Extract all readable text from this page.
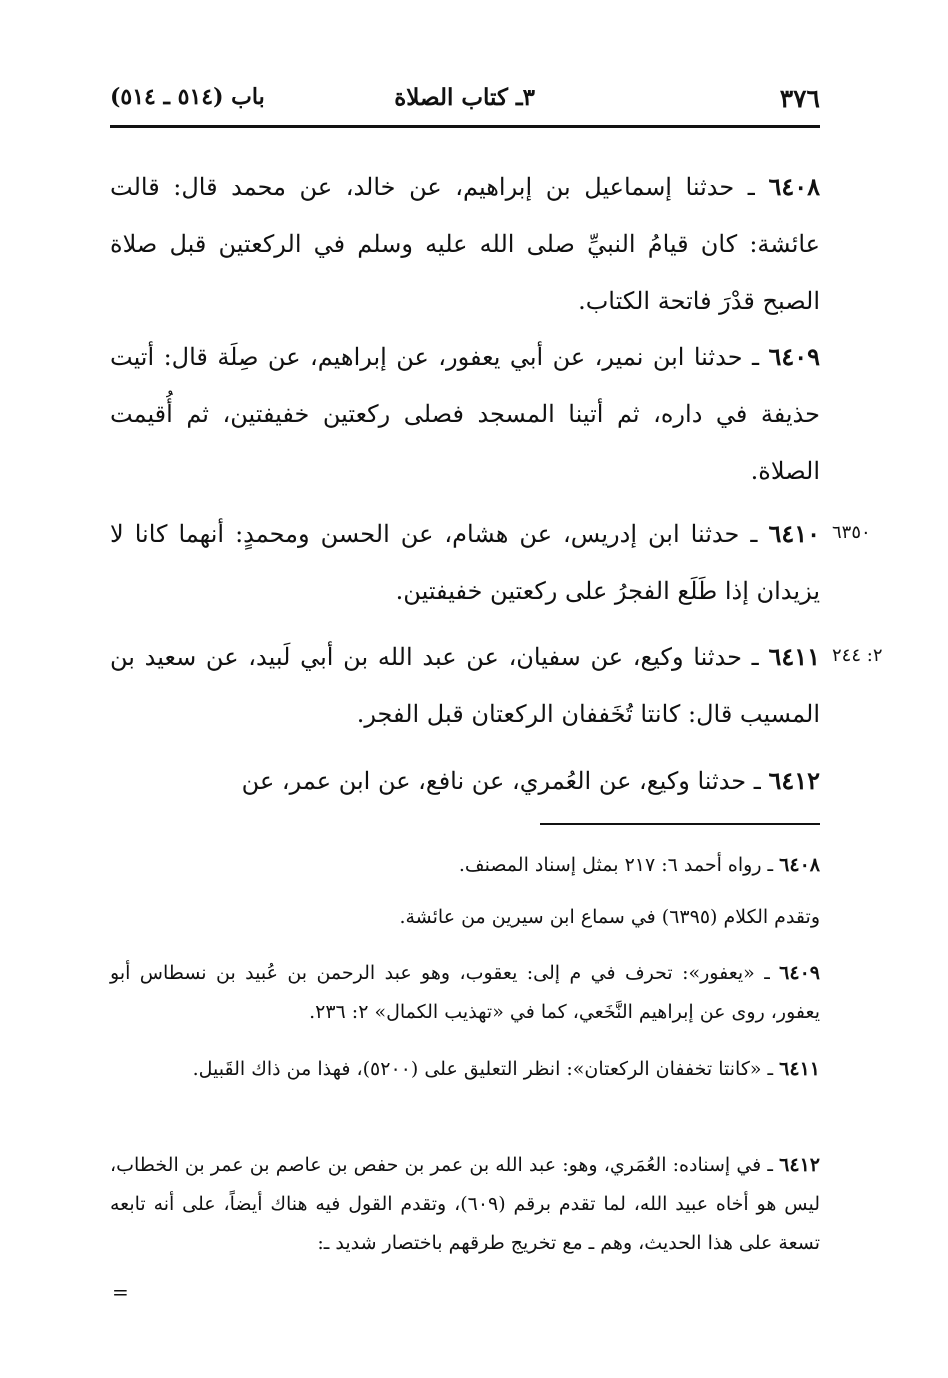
٣٧٦
٣ـ كتاب الصلاة
باب (٥١٤ ـ ٥١٤)
٦٤٠٨ ـ حدثنا إسماعيل بن إبراهيم، عن خالد، عن محمد قال: قالت عائشة: كان قيامُ النبيِّ صلى الله عليه وسلم في الركعتين قبل صلاة الصبح قدْرَ فاتحة الكتاب.
٦٤٠٩ ـ حدثنا ابن نمير، عن أبي يعفور، عن إبراهيم، عن صِلَة قال: أتيت حذيفة في داره، ثم أتينا المسجد فصلى ركعتين خفيفتين، ثم أُقيمت الصلاة.
٦٤١٠ ـ حدثنا ابن إدريس، عن هشام، عن الحسن ومحمدٍ: أنهما كانا لا يزيدان إذا طَلَع الفجرُ على ركعتين خفيفتين.
٦٣٥٠
٦٤١١ ـ حدثنا وكيع، عن سفيان، عن عبد الله بن أبي لَبيد، عن سعيد بن المسيب قال: كانتا تُخَففان الركعتان قبل الفجر.
٢: ٢٤٤
٦٤١٢ ـ حدثنا وكيع، عن العُمري، عن نافع، عن ابن عمر، عن
٦٤٠٨ ـ رواه أحمد ٦: ٢١٧ بمثل إسناد المصنف.
وتقدم الكلام (٦٣٩٥) في سماع ابن سيرين من عائشة.
٦٤٠٩ ـ «يعفور»: تحرف في م إلى: يعقوب، وهو عبد الرحمن بن عُبيد بن نسطاس أبو يعفور، روى عن إبراهيم النَّخَعي، كما في «تهذيب الكمال» ٢: ٢٣٦.
٦٤١١ ـ «كانتا تخففان الركعتان»: انظر التعليق على (٥٢٠٠)، فهذا من ذاك القَبيل.
٦٤١٢ ـ في إسناده: العُمَري، وهو: عبد الله بن عمر بن حفص بن عاصم بن عمر بن الخطاب، ليس هو أخاه عبيد الله، لما تقدم برقم (٦٠٩)، وتقدم القول فيه هناك أيضاً، على أنه تابعه تسعة على هذا الحديث، وهم ـ مع تخريج طرقهم باختصار شديد ـ:
=
